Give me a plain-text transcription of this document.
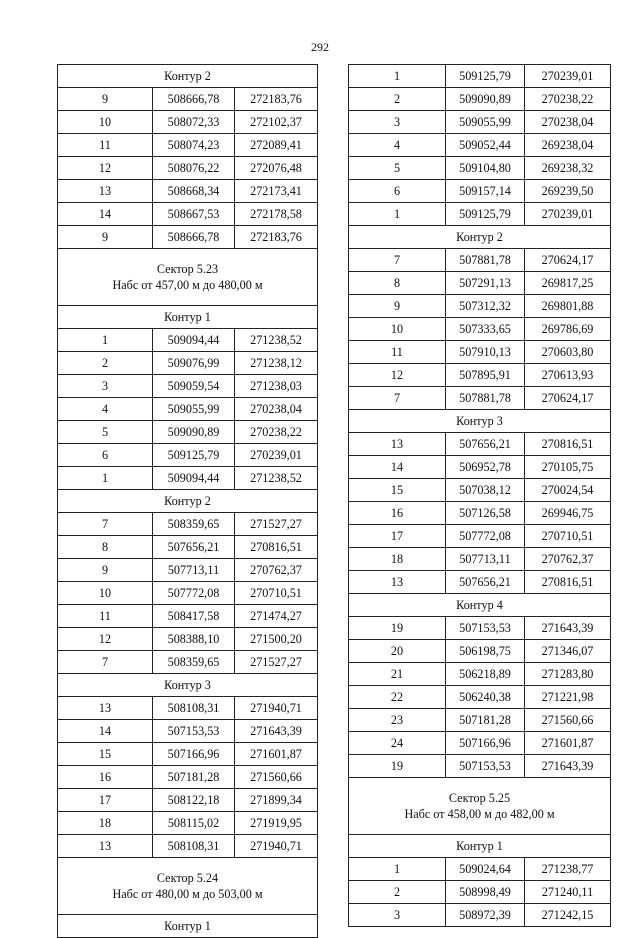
292
Контур 2		
9	508666,78	272183,76
10	508072,33	272102,37
11	508074,23	272089,41
12	508076,22	272076,48
13	508668,34	272173,41
14	508667,53	272178,58
9	508666,78	272183,76

Сектор 5.23
Набс от 457,00 м до 480,00 м		

Контур 1		
1	509094,44	271238,52
2	509076,99	271238,12
3	509059,54	271238,03
4	509055,99	270238,04
5	509090,89	270238,22
6	509125,79	270239,01
1	509094,44	271238,52
Контур 2		
7	508359,65	271527,27
8	507656,21	270816,51
9	507713,11	270762,37
10	507772,08	270710,51
11	508417,58	271474,27
12	508388,10	271500,20
7	508359,65	271527,27
Контур 3		
13	508108,31	271940,71
14	507153,53	271643,39
15	507166,96	271601,87
16	507181,28	271560,66
17	508122,18	271899,34
18	508115,02	271919,95
13	508108,31	271940,71

Сектор 5.24
Набс от 480,00 м до 503,00 м		

Контур 1		
1	509125,79	270239,01
2	509090,89	270238,22
3	509055,99	270238,04
4	509052,44	269238,04
5	509104,80	269238,32
6	509157,14	269239,50
1	509125,79	270239,01
Контур 2		
7	507881,78	270624,17
8	507291,13	269817,25
9	507312,32	269801,88
10	507333,65	269786,69
11	507910,13	270603,80
12	507895,91	270613,93
7	507881,78	270624,17
Контур 3		
13	507656,21	270816,51
14	506952,78	270105,75
15	507038,12	270024,54
16	507126,58	269946,75
17	507772,08	270710,51
18	507713,11	270762,37
13	507656,21	270816,51
Контур 4		
19	507153,53	271643,39
20	506198,75	271346,07
21	506218,89	271283,80
22	506240,38	271221,98
23	507181,28	271560,66
24	507166,96	271601,87
19	507153,53	271643,39

Сектор 5.25
Набс от 458,00 м до 482,00 м		

Контур 1		
1	509024,64	271238,77
2	508998,49	271240,11
3	508972,39	271242,15
